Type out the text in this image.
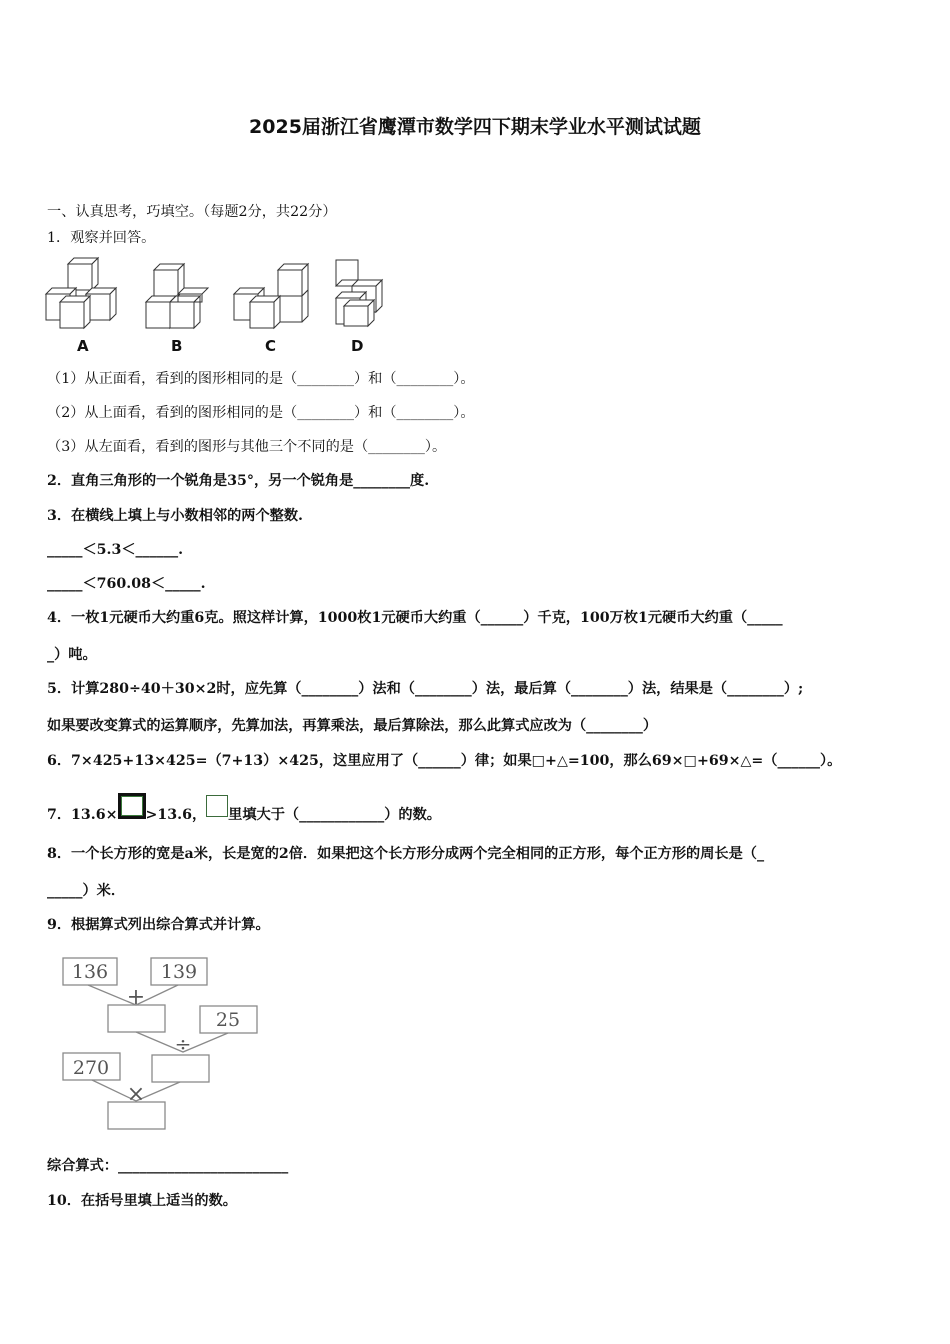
2025届浙江省鹰潭市数学四下期末学业水平测试试题
一、认真思考，巧填空。（每题2分，共22分）
1．观察并回答。
A	B	C	D
（1）从正面看，看到的图形相同的是（________）和（________）。
（2）从上面看，看到的图形相同的是（________）和（________）。
（3）从左面看，看到的图形与其他三个不同的是（________）。
2．直角三角形的一个锐角是35°，另一个锐角是________度.
3．在横线上填上与小数相邻的两个整数.
_____＜5.3＜______.
_____＜760.08＜_____.
4．一枚1元硬币大约重6克。照这样计算，1000枚1元硬币大约重（______）千克，100万枚1元硬币大约重（_____
_）吨。
5．计算280÷40＋30×2时，应先算（________）法和（________）法，最后算（________）法，结果是（________）;
如果要改变算式的运算顺序，先算加法，再算乘法，最后算除法，那么此算式应改为（________）
6．7×425+13×425=（7+13）×425，这里应用了（______）律；如果□+△=100，那么69×□+69×△=（______）。
7．13.6× >13.6， 里填大于（____________）的数。
8．一个长方形的宽是a米，长是宽的2倍．如果把这个长方形分成两个完全相同的正方形，每个正方形的周长是（_
_____）米．
9．根据算式列出综合算式并计算。
136	139
25
270
+
÷
×
综合算式：________________________
10．在括号里填上适当的数。
